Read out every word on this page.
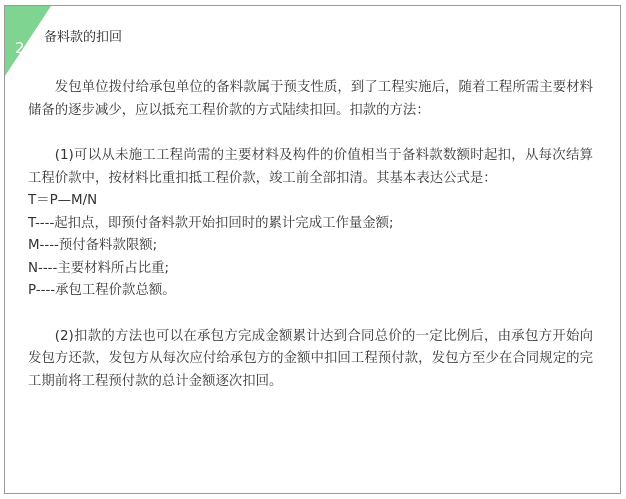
2
备料款的扣回

发包单位拨付给承包单位的备料款属于预支性质，到了工程实施后，随着工程所需主要材料储备的逐步减少，应以抵充工程价款的方式陆续扣回。扣款的方法：

(1)可以从未施工工程尚需的主要材料及构件的价值相当于备料款数额时起扣，从每次结算工程价款中，按材料比重扣抵工程价款，竣工前全部扣清。其基本表达公式是：

T＝P—M/N

T----起扣点，即预付备料款开始扣回时的累计完成工作量金额;

M----预付备料款限额;

N----主要材料所占比重;

P----承包工程价款总额。

(2)扣款的方法也可以在承包方完成金额累计达到合同总价的一定比例后，由承包方开始向发包方还款，发包方从每次应付给承包方的金额中扣回工程预付款，发包方至少在合同规定的完工期前将工程预付款的总计金额逐次扣回。
